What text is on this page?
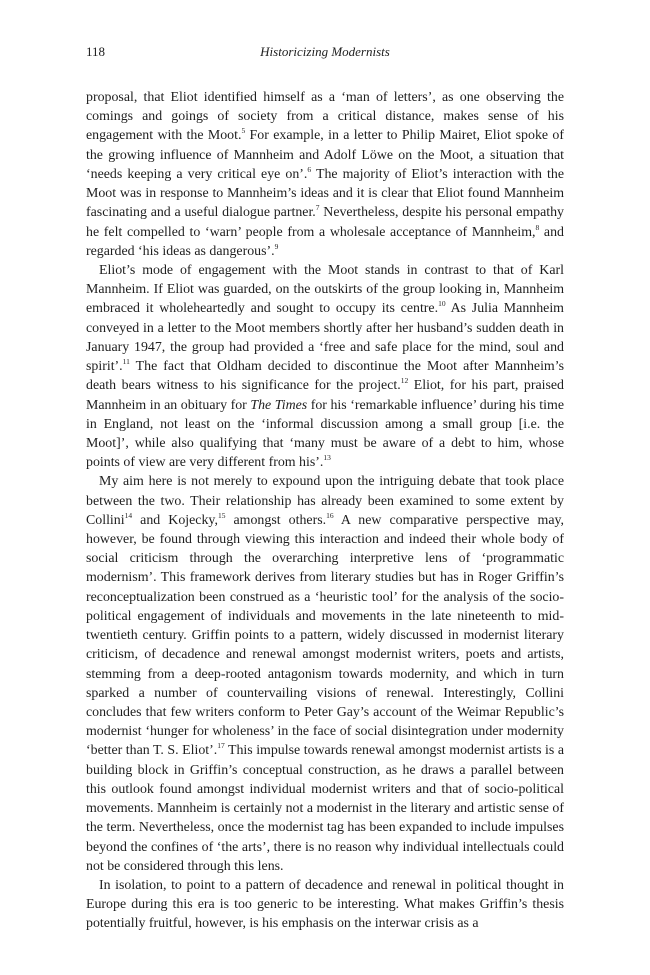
118	Historicizing Modernists

proposal, that Eliot identified himself as a ‘man of letters’, as one observing the comings and goings of society from a critical distance, makes sense of his engagement with the Moot.$^5$ For example, in a letter to Philip Mairet, Eliot spoke of the growing influence of Mannheim and Adolf Löwe on the Moot, a situation that ‘needs keeping a very critical eye on’.$^6$ The majority of Eliot’s interaction with the Moot was in response to Mannheim’s ideas and it is clear that Eliot found Mannheim fascinating and a useful dialogue partner.$^7$ Nevertheless, despite his personal empathy he felt compelled to ‘warn’ people from a wholesale acceptance of Mannheim,$^8$ and regarded ‘his ideas as dangerous’.$^9$

Eliot’s mode of engagement with the Moot stands in contrast to that of Karl Mannheim. If Eliot was guarded, on the outskirts of the group looking in, Mannheim embraced it wholeheartedly and sought to occupy its centre.$^{10}$ As Julia Mannheim conveyed in a letter to the Moot members shortly after her husband’s sudden death in January 1947, the group had provided a ‘free and safe place for the mind, soul and spirit’.$^{11}$ The fact that Oldham decided to discontinue the Moot after Mannheim’s death bears witness to his significance for the project.$^{12}$ Eliot, for his part, praised Mannheim in an obituary for The Times for his ‘remarkable influence’ during his time in England, not least on the ‘informal discussion among a small group [i.e. the Moot]’, while also qualifying that ‘many must be aware of a debt to him, whose points of view are very different from his’.$^{13}$

My aim here is not merely to expound upon the intriguing debate that took place between the two. Their relationship has already been examined to some extent by Collini$^{14}$ and Kojecky,$^{15}$ amongst others.$^{16}$ A new comparative perspective may, however, be found through viewing this interaction and indeed their whole body of social criticism through the overarching interpretive lens of ‘programmatic modernism’. This framework derives from literary studies but has in Roger Griffin’s reconceptualization been construed as a ‘heuristic tool’ for the analysis of the socio-political engagement of individuals and movements in the late nineteenth to mid-twentieth century. Griffin points to a pattern, widely discussed in modernist literary criticism, of decadence and renewal amongst modernist writers, poets and artists, stemming from a deep-rooted antagonism towards modernity, and which in turn sparked a number of countervailing visions of renewal. Interestingly, Collini concludes that few writers conform to Peter Gay’s account of the Weimar Republic’s modernist ‘hunger for wholeness’ in the face of social disintegration under modernity ‘better than T. S. Eliot’.$^{17}$ This impulse towards renewal amongst modernist artists is a building block in Griffin’s conceptual construction, as he draws a parallel between this outlook found amongst individual modernist writers and that of socio-political movements. Mannheim is certainly not a modernist in the literary and artistic sense of the term. Nevertheless, once the modernist tag has been expanded to include impulses beyond the confines of ‘the arts’, there is no reason why individual intellectuals could not be considered through this lens.

In isolation, to point to a pattern of decadence and renewal in political thought in Europe during this era is too generic to be interesting. What makes Griffin’s thesis potentially fruitful, however, is his emphasis on the interwar crisis as a
